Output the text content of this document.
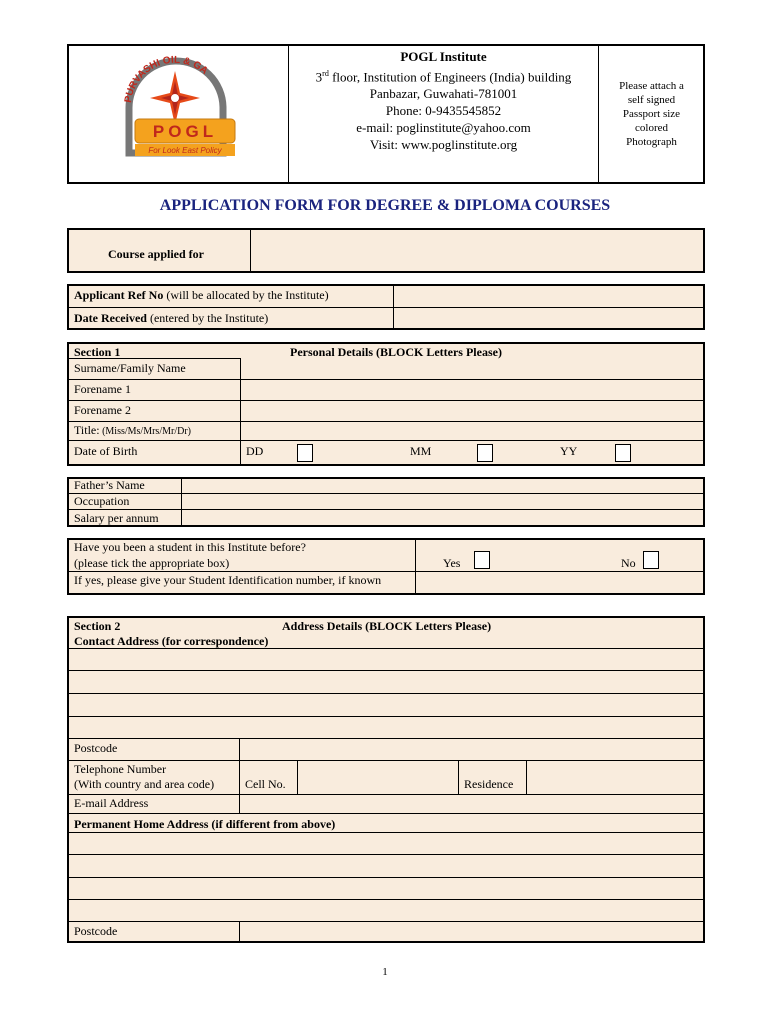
PURVASHI OIL & GA
POGL
For Look East Policy
POGL Institute
3rd floor, Institution of Engineers (India) building
Panbazar, Guwahati-781001
Phone: 0-9435545852
e-mail: poglinstitute@yahoo.com
Visit: www.poglinstitute.org
Please attach a
self signed
Passport size
colored
Photograph
APPLICATION FORM FOR DEGREE & DIPLOMA COURSES
Course applied for
Applicant Ref No (will be allocated by the Institute)
Date Received (entered by the Institute)
Section 1	Personal Details (BLOCK Letters Please)
Surname/Family Name
Forename 1
Forename 2
Title: (Miss/Ms/Mrs/Mr/Dr)
Date of Birth	DD	MM	YY
Father’s Name
Occupation
Salary per annum
Have you been a student in this Institute before?
(please tick the appropriate box)
If yes, please give your Student Identification number, if known
Yes	No
Section 2	Address Details (BLOCK Letters Please)
Contact Address (for correspondence)
Postcode
Telephone Number
(With country and area code)	Cell No.	Residence
E-mail Address
Permanent Home Address (if different from above)
Postcode
1
